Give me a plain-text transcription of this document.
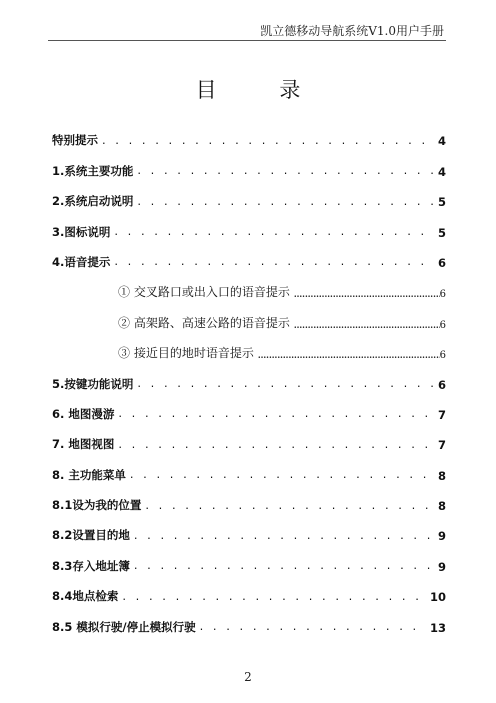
凯立德移动导航系统V1.0用户手册
目 录
特别提示 . . .	4
1.系统主要功能 . . .	4
2.系统启动说明 . . .	5
3.图标说明 . . .	5
4.语音提示 . . .	6
① 交叉路口或出入口的语音提示 .....	6
② 高架路、高速公路的语音提示 .....	6
③ 接近目的地时语音提示 .....	6
5.按键功能说明 . . .	6
6. 地图漫游 . . .	7
7. 地图视图 . . .	7
8. 主功能菜单 . . .	8
8.1设为我的位置 . . .	8
8.2设置目的地 . . .	9
8.3存入地址簿 . . .	9
8.4地点检索 . . .	10
8.5 模拟行驶/停止模拟行驶 . . .	13
2
